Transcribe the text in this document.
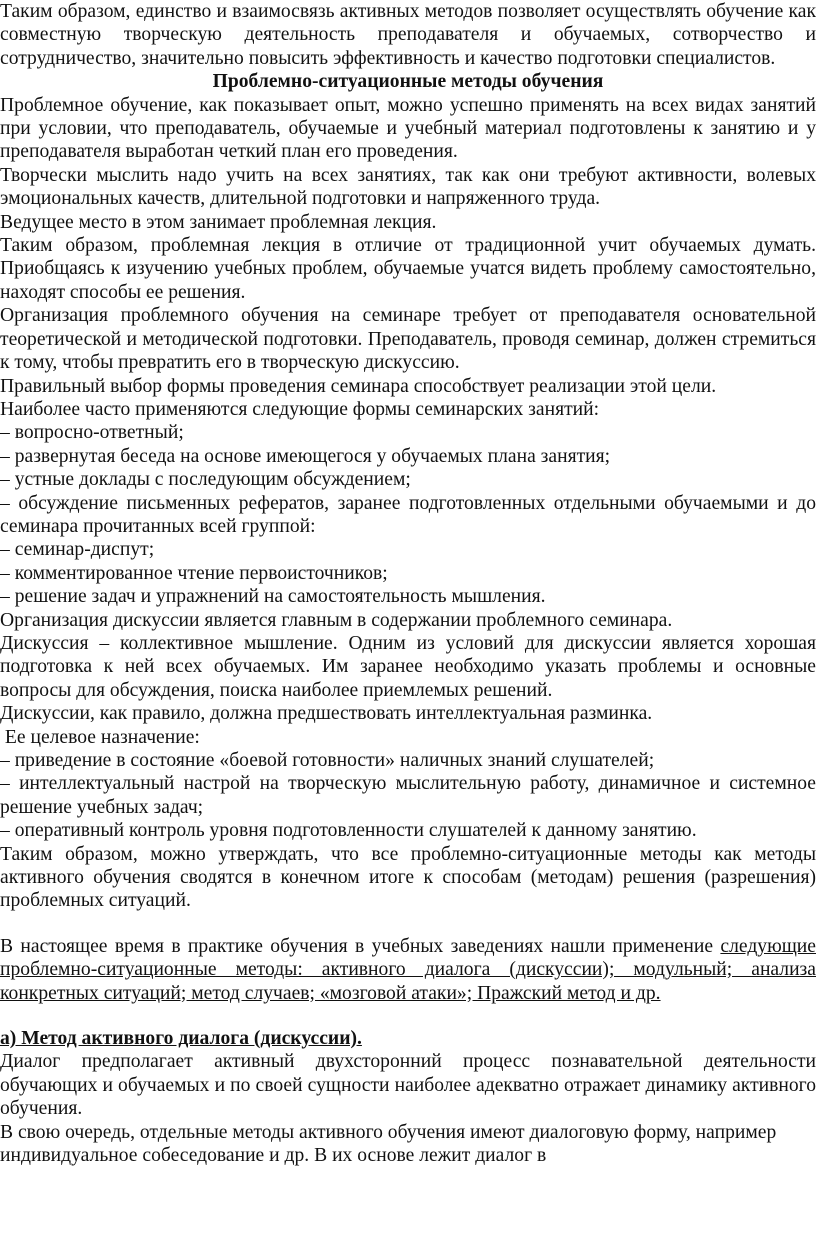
Таким образом, единство и взаимосвязь активных методов позволяет осуществлять обучение как совместную творческую деятельность преподавателя и обучаемых, сотворчество и сотрудничество, значительно повысить эффективность и качество подготовки специалистов.

Проблемно-ситуационные методы обучения

Проблемное обучение, как показывает опыт, можно успешно применять на всех видах занятий при условии, что преподаватель, обучаемые и учебный материал подготовлены к занятию и у преподавателя выработан четкий план его проведения.

Творчески мыслить надо учить на всех занятиях, так как они требуют активности, волевых эмоциональных качеств, длительной подготовки и напряженного труда.

Ведущее место в этом занимает проблемная лекция.

Таким образом, проблемная лекция в отличие от традиционной учит обучаемых думать. Приобщаясь к изучению учебных проблем, обучаемые учатся видеть проблему самостоятельно, находят способы ее решения.

Организация проблемного обучения на семинаре требует от преподавателя основательной теоретической и методической подготовки. Преподаватель, проводя семинар, должен стремиться к тому, чтобы превратить его в творческую дискуссию.

Правильный выбор формы проведения семинара способствует реализации этой цели.

Наиболее часто применяются следующие формы семинарских занятий:

– вопросно-ответный;

– развернутая беседа на основе имеющегося у обучаемых плана занятия;

– устные доклады с последующим обсуждением;

– обсуждение письменных рефератов, заранее подготовленных отдельными обучаемыми и до семинара прочитанных всей группой:

– семинар-диспут;

– комментированное чтение первоисточников;

– решение задач и упражнений на самостоятельность мышления.

Организация дискуссии является главным в содержании проблемного семинара.

Дискуссия – коллективное мышление. Одним из условий для дискуссии является хорошая подготовка к ней всех обучаемых. Им заранее необходимо указать проблемы и основные вопросы для обсуждения, поиска наиболее приемлемых решений.

Дискуссии, как правило, должна предшествовать интеллектуальная разминка.

Ее целевое назначение:

– приведение в состояние «боевой готовности» наличных знаний слушателей;

– интеллектуальный настрой на творческую мыслительную работу, динамичное и системное решение учебных задач;

– оперативный контроль уровня подготовленности слушателей к данному занятию.

Таким образом, можно утверждать, что все проблемно-ситуационные методы как методы активного обучения сводятся в конечном итоге к способам (методам) решения (разрешения) проблемных ситуаций.

В настоящее время в практике обучения в учебных заведениях нашли применение следующие проблемно-ситуационные методы: активного диалога (дискуссии); модульный; анализа конкретных ситуаций; метод случаев; «мозговой атаки»; Пражский метод и др.

а) Метод активного диалога (дискуссии).

Диалог предполагает активный двухсторонний процесс познавательной деятельности обучающих и обучаемых и по своей сущности наиболее адекватно отражает динамику активного обучения.

В свою очередь, отдельные методы активного обучения имеют диалоговую форму, например индивидуальное собеседование и др. В их основе лежит диалог в
